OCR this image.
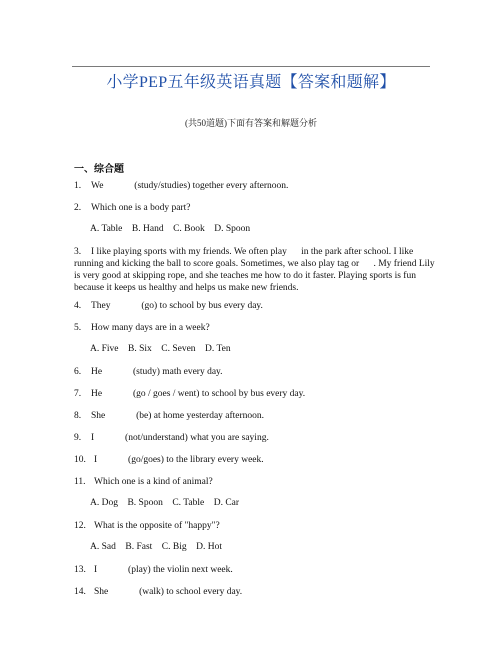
小学PEP五年级英语真题【答案和题解】
(共50道题)下面有答案和解题分析
一、综合题
1. We             (study/studies) together every afternoon.
2. Which one is a body part?
A. Table    B. Hand    C. Book    D. Spoon
3. I like playing sports with my friends. We often play      in the park after school. I like running and kicking the ball to score goals. Sometimes, we also play tag or      . My friend Lily is very good at skipping rope, and she teaches me how to do it faster. Playing sports is fun because it keeps us healthy and helps us make new friends.
4. They             (go) to school by bus every day.
5. How many days are in a week?
A. Five    B. Six    C. Seven    D. Ten
6. He             (study) math every day.
7. He             (go / goes / went) to school by bus every day.
8. She             (be) at home yesterday afternoon.
9. I             (not/understand) what you are saying.
10. I             (go/goes) to the library every week.
11. Which one is a kind of animal?
A. Dog    B. Spoon    C. Table    D. Car
12. What is the opposite of "happy"?
A. Sad    B. Fast    C. Big    D. Hot
13. I             (play) the violin next week.
14. She             (walk) to school every day.
